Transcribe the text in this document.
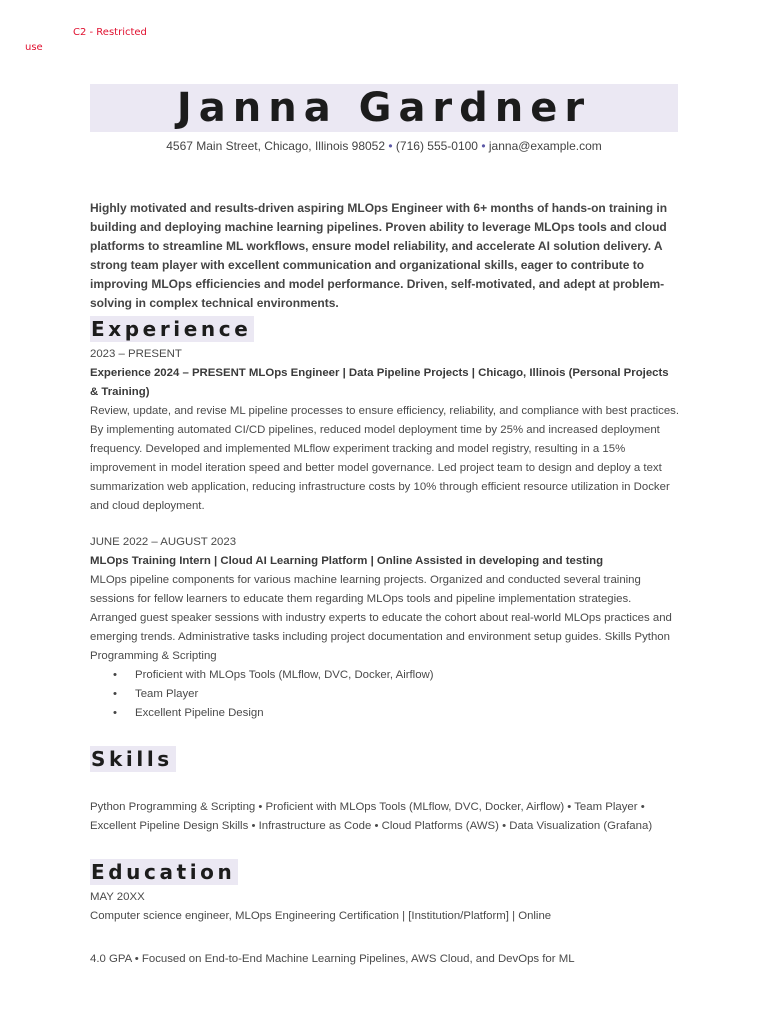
C2 - Restricted
use
Janna Gardner
4567 Main Street, Chicago, Illinois 98052 • (716) 555-0100 • janna@example.com
Highly motivated and results-driven aspiring MLOps Engineer with 6+ months of hands-on training in building and deploying machine learning pipelines. Proven ability to leverage MLOps tools and cloud platforms to streamline ML workflows, ensure model reliability, and accelerate AI solution delivery. A strong team player with excellent communication and organizational skills, eager to contribute to improving MLOps efficiencies and model performance. Driven, self-motivated, and adept at problem-solving in complex technical environments.
Experience
2023 – PRESENT
Experience 2024 – PRESENT MLOps Engineer | Data Pipeline Projects | Chicago, Illinois (Personal Projects & Training)
Review, update, and revise ML pipeline processes to ensure efficiency, reliability, and compliance with best practices. By implementing automated CI/CD pipelines, reduced model deployment time by 25% and increased deployment frequency. Developed and implemented MLflow experiment tracking and model registry, resulting in a 15% improvement in model iteration speed and better model governance. Led project team to design and deploy a text summarization web application, reducing infrastructure costs by 10% through efficient resource utilization in Docker and cloud deployment.
JUNE 2022 – AUGUST 2023
MLOps Training Intern | Cloud AI Learning Platform | Online Assisted in developing and testing
MLOps pipeline components for various machine learning projects. Organized and conducted several training sessions for fellow learners to educate them regarding MLOps tools and pipeline implementation strategies. Arranged guest speaker sessions with industry experts to educate the cohort about real-world MLOps practices and emerging trends. Administrative tasks including project documentation and environment setup guides. Skills Python Programming & Scripting
• Proficient with MLOps Tools (MLflow, DVC, Docker, Airflow)
• Team Player
• Excellent Pipeline Design
Skills
Python Programming & Scripting • Proficient with MLOps Tools (MLflow, DVC, Docker, Airflow) • Team Player • Excellent Pipeline Design Skills • Infrastructure as Code • Cloud Platforms (AWS) • Data Visualization (Grafana)
Education
MAY 20XX
Computer science engineer, MLOps Engineering Certification | [Institution/Platform] | Online
4.0 GPA • Focused on End-to-End Machine Learning Pipelines, AWS Cloud, and DevOps for ML
